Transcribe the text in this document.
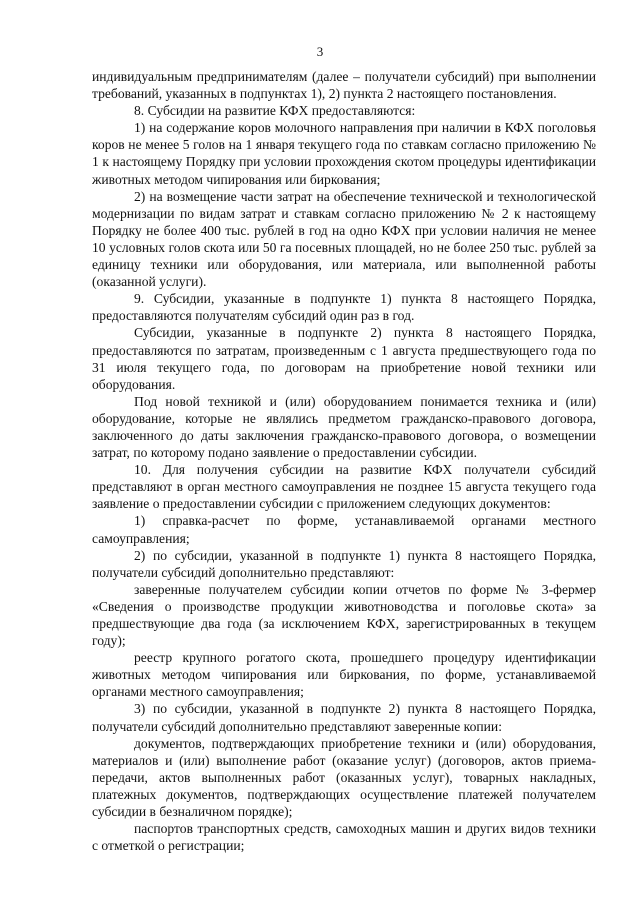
3

индивидуальным предпринимателям (далее – получатели субсидий) при выполнении требований, указанных в подпунктах 1), 2) пункта 2 настоящего постановления.

8. Субсидии на развитие КФХ предоставляются:

1) на содержание коров молочного направления при наличии в КФХ поголовья коров не менее 5 голов на 1 января текущего года по ставкам согласно приложению № 1 к настоящему Порядку при условии прохождения скотом процедуры идентификации животных методом чипирования или биркования;

2) на возмещение части затрат на обеспечение технической и технологической модернизации по видам затрат и ставкам согласно приложению № 2 к настоящему Порядку не более 400 тыс. рублей в год на одно КФХ при условии наличия не менее 10 условных голов скота или 50 га посевных площадей, но не более 250 тыс. рублей за единицу техники или оборудования, или материала, или выполненной работы (оказанной услуги).

9. Субсидии, указанные в подпункте 1) пункта 8 настоящего Порядка, предоставляются получателям субсидий один раз в год.

Субсидии, указанные в подпункте 2) пункта 8 настоящего Порядка, предоставляются по затратам, произведенным с 1 августа предшествующего года по 31 июля текущего года, по договорам на приобретение новой техники или оборудования.

Под новой техникой и (или) оборудованием понимается техника и (или) оборудование, которые не являлись предметом гражданско-правового договора, заключенного до даты заключения гражданско-правового договора, о возмещении затрат, по которому подано заявление о предоставлении субсидии.

10. Для получения субсидии на развитие КФХ получатели субсидий представляют в орган местного самоуправления не позднее 15 августа текущего года заявление о предоставлении субсидии с приложением следующих документов:

1) справка-расчет по форме, устанавливаемой органами местного самоуправления;

2) по субсидии, указанной в подпункте 1) пункта 8 настоящего Порядка, получатели субсидий дополнительно представляют:

заверенные получателем субсидии копии отчетов по форме № 3-фермер «Сведения о производстве продукции животноводства и поголовье скота» за предшествующие два года (за исключением КФХ, зарегистрированных в текущем году);

реестр крупного рогатого скота, прошедшего процедуру идентификации животных методом чипирования или биркования, по форме, устанавливаемой органами местного самоуправления;

3) по субсидии, указанной в подпункте 2) пункта 8 настоящего Порядка, получатели субсидий дополнительно представляют заверенные копии:

документов, подтверждающих приобретение техники и (или) оборудования, материалов и (или) выполнение работ (оказание услуг) (договоров, актов приема-передачи, актов выполненных работ (оказанных услуг), товарных накладных, платежных документов, подтверждающих осуществление платежей получателем субсидии в безналичном порядке);

паспортов транспортных средств, самоходных машин и других видов техники с отметкой о регистрации;
